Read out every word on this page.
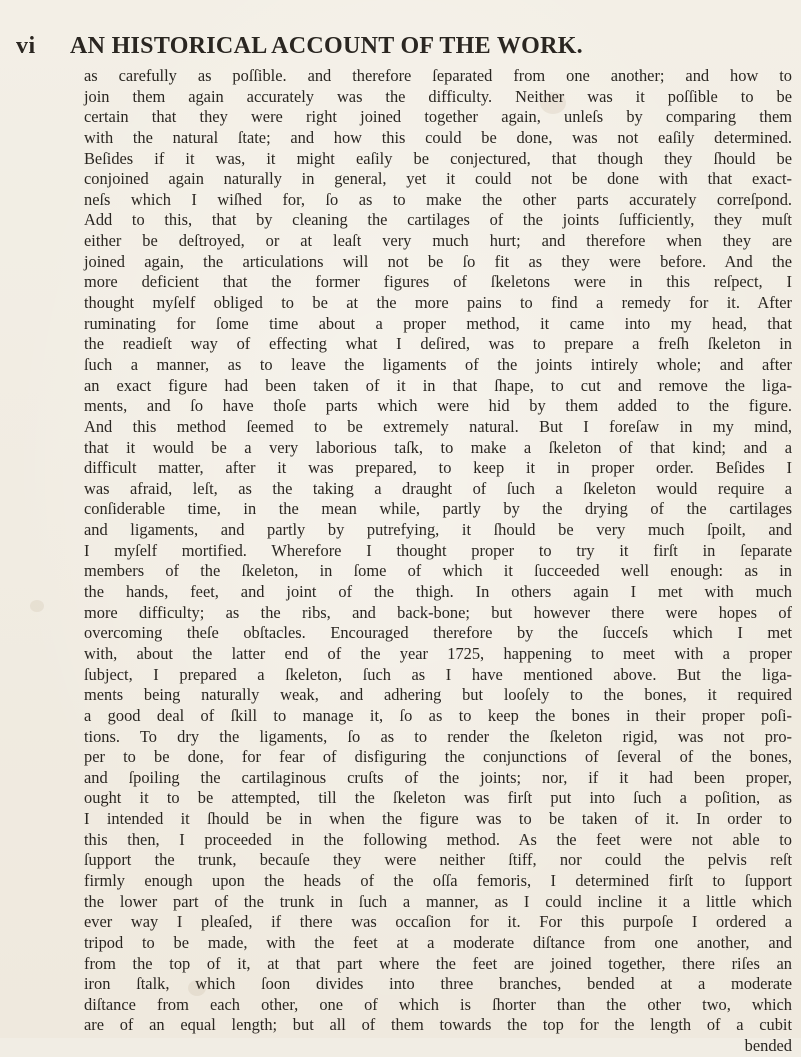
vi AN HISTORICAL ACCOUNT OF THE WORK.
as carefully as poſſible. and therefore ſeparated from one another; and how to
join them again accurately was the difficulty. Neither was it poſſible to be
certain that they were right joined together again, unleſs by comparing them
with the natural ſtate; and how this could be done, was not eaſily determined.
Beſides if it was, it might eaſily be conjectured, that though they ſhould be
conjoined again naturally in general, yet it could not be done with that exact-
neſs which I wiſhed for, ſo as to make the other parts accurately correſpond.
Add to this, that by cleaning the cartilages of the joints ſufficiently, they muſt
either be deſtroyed, or at leaſt very much hurt; and therefore when they are
joined again, the articulations will not be ſo fit as they were before. And the
more deficient that the former figures of ſkeletons were in this reſpect, I
thought myſelf obliged to be at the more pains to find a remedy for it. After
ruminating for ſome time about a proper method, it came into my head, that
the readieſt way of effecting what I deſired, was to prepare a freſh ſkeleton in
ſuch a manner, as to leave the ligaments of the joints intirely whole; and after
an exact figure had been taken of it in that ſhape, to cut and remove the liga-
ments, and ſo have thoſe parts which were hid by them added to the figure.
And this method ſeemed to be extremely natural. But I foreſaw in my mind,
that it would be a very laborious taſk, to make a ſkeleton of that kind; and a
difficult matter, after it was prepared, to keep it in proper order. Beſides I
was afraid, leſt, as the taking a draught of ſuch a ſkeleton would require a
conſiderable time, in the mean while, partly by the drying of the cartilages
and ligaments, and partly by putrefying, it ſhould be very much ſpoilt, and
I myſelf mortified. Wherefore I thought proper to try it firſt in ſeparate
members of the ſkeleton, in ſome of which it ſucceeded well enough: as in
the hands, feet, and joint of the thigh. In others again I met with much
more difficulty; as the ribs, and back-bone; but however there were hopes of
overcoming theſe obſtacles. Encouraged therefore by the ſucceſs which I met
with, about the latter end of the year 1725, happening to meet with a proper
ſubject, I prepared a ſkeleton, ſuch as I have mentioned above. But the liga-
ments being naturally weak, and adhering but looſely to the bones, it required
a good deal of ſkill to manage it, ſo as to keep the bones in their proper poſi-
tions. To dry the ligaments, ſo as to render the ſkeleton rigid, was not pro-
per to be done, for fear of disfiguring the conjunctions of ſeveral of the bones,
and ſpoiling the cartilaginous cruſts of the joints; nor, if it had been proper,
ought it to be attempted, till the ſkeleton was firſt put into ſuch a poſition, as
I intended it ſhould be in when the figure was to be taken of it. In order to
this then, I proceeded in the following method. As the feet were not able to
ſupport the trunk, becauſe they were neither ſtiff, nor could the pelvis reſt
firmly enough upon the heads of the oſſa femoris, I determined firſt to ſupport
the lower part of the trunk in ſuch a manner, as I could incline it a little which
ever way I pleaſed, if there was occaſion for it. For this purpoſe I ordered a
tripod to be made, with the feet at a moderate diſtance from one another, and
from the top of it, at that part where the feet are joined together, there riſes an
iron ſtalk, which ſoon divides into three branches, bended at a moderate
diſtance from each other, one of which is ſhorter than the other two, which
are of an equal length; but all of them towards the top for the length of a cubit
bended
